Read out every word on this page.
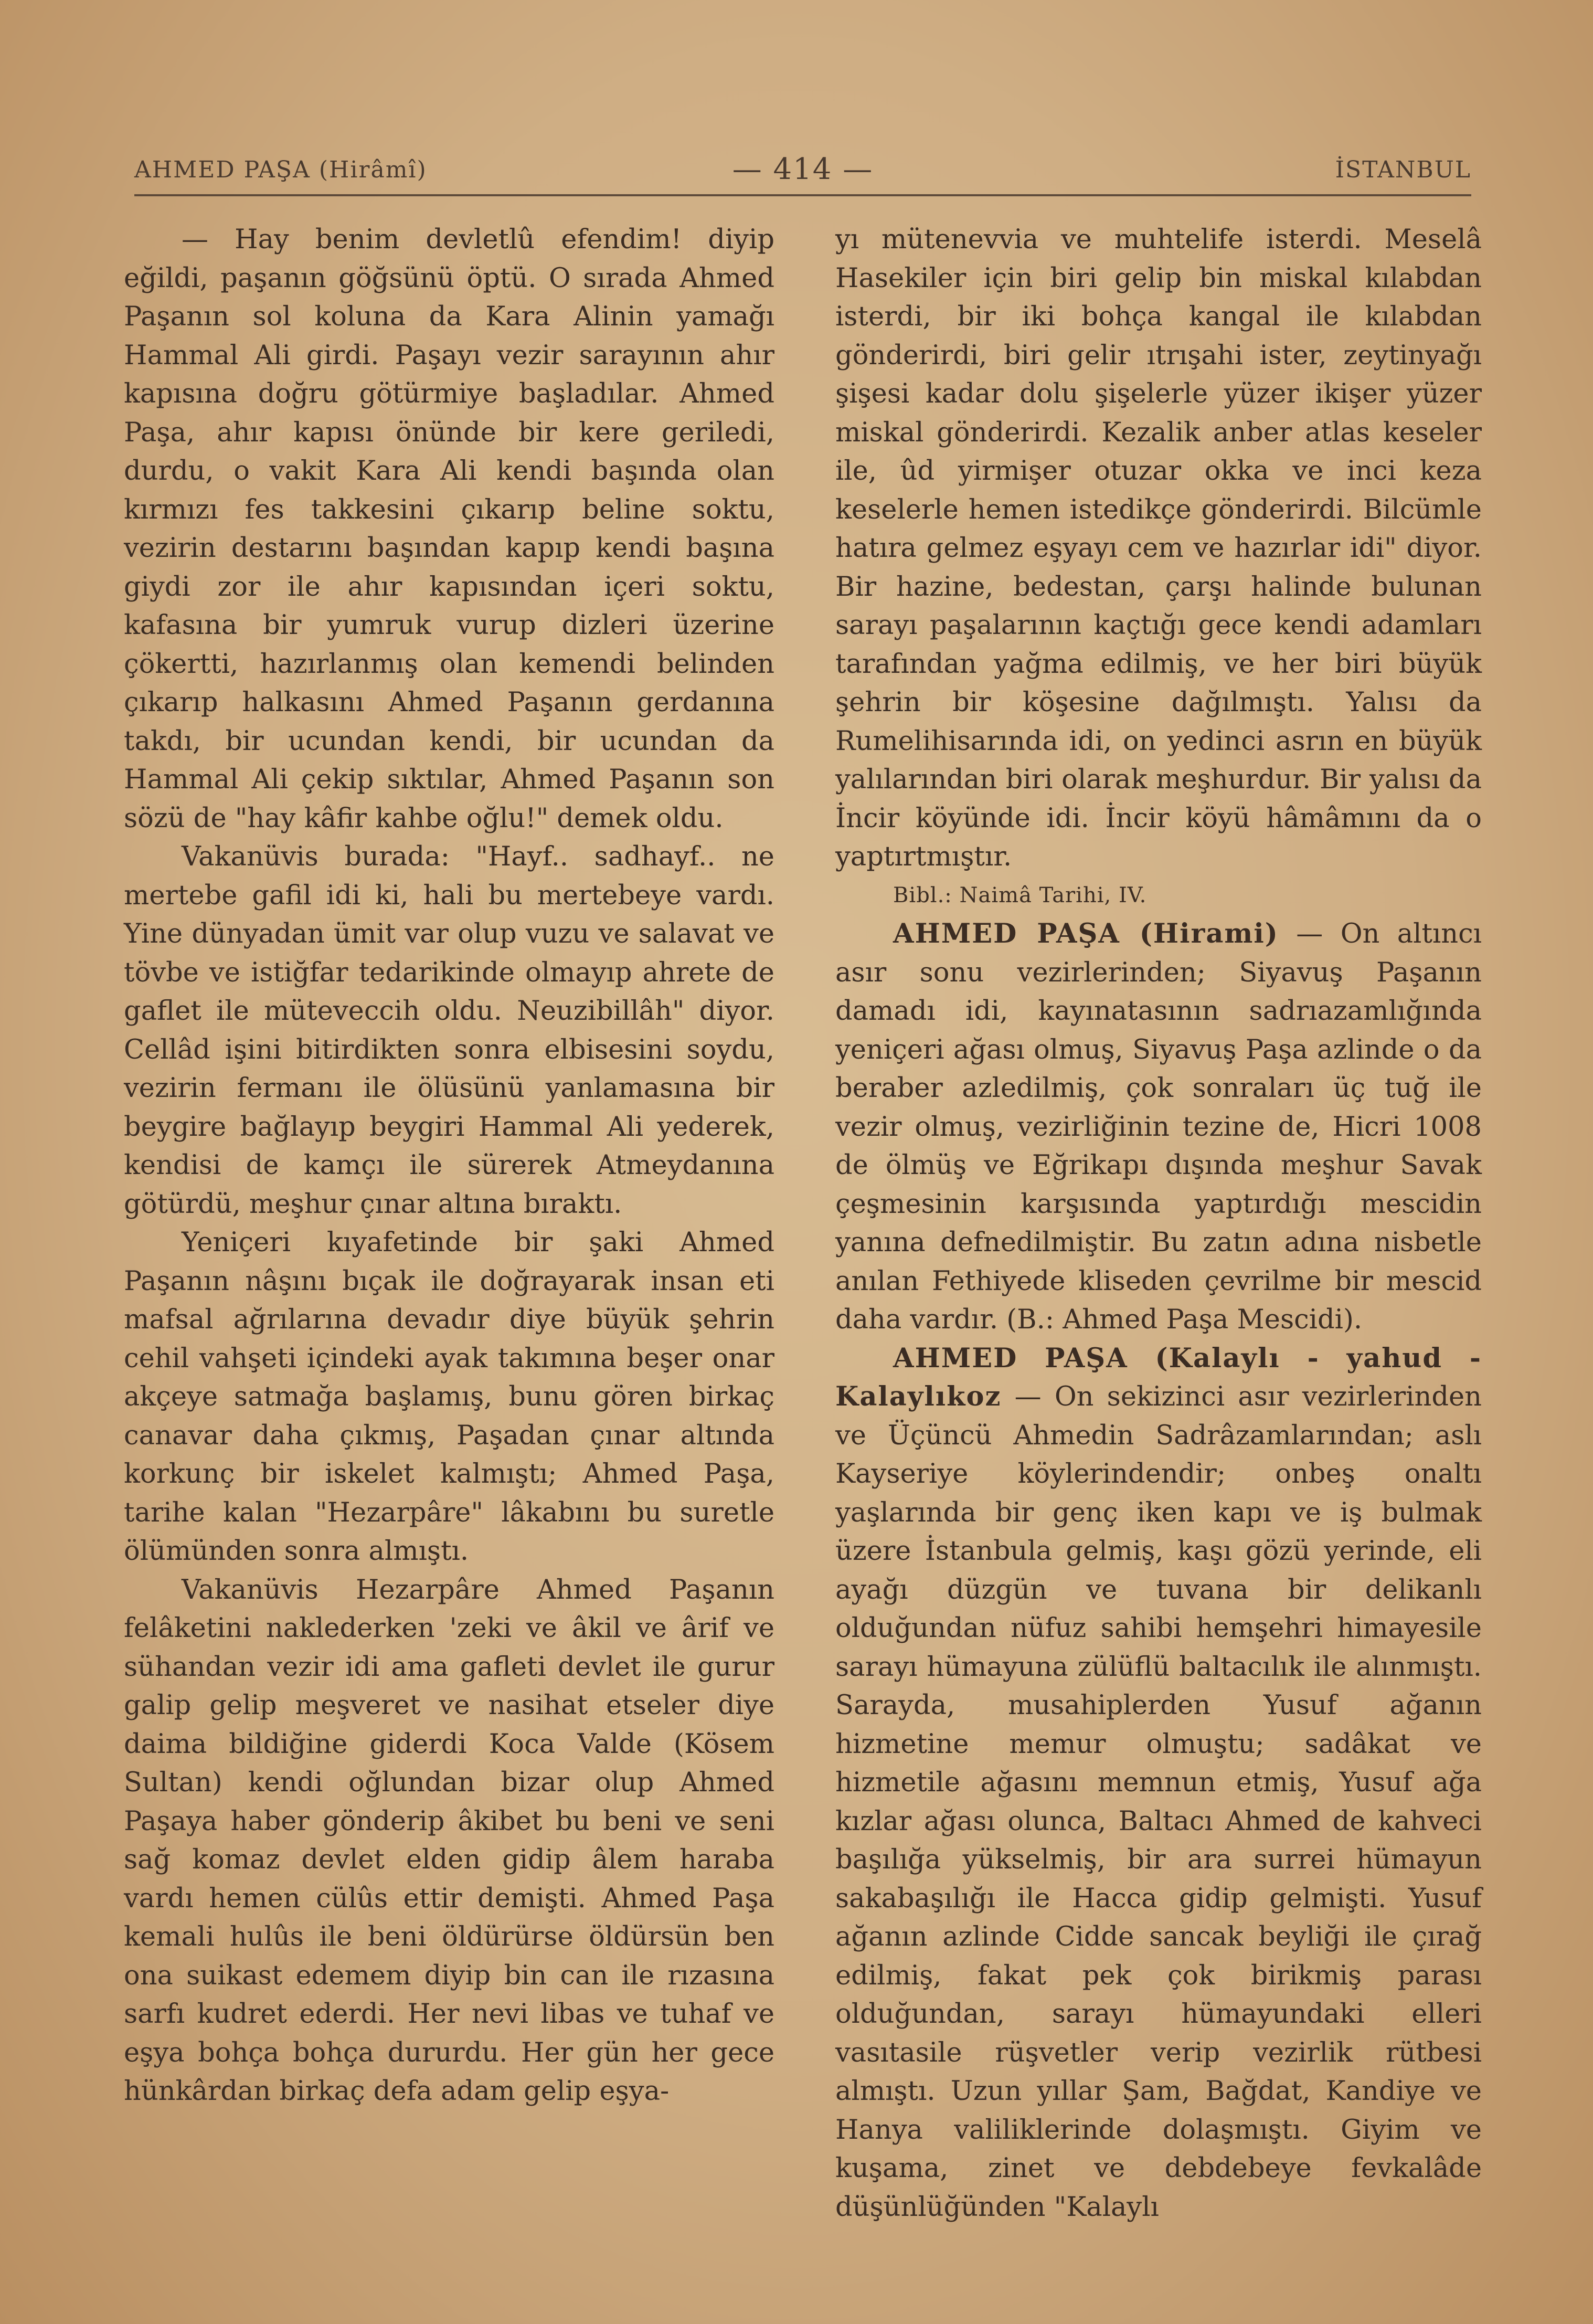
AHMED PAŞA (Hirâmî)	— 414 —	İSTANBUL

— Hay benim devletlû efendim! diyip eğildi, paşanın göğsünü öptü. O sırada Ahmed Paşanın sol koluna da Kara Alinin yamağı Hammal Ali girdi. Paşayı vezir sarayının ahır kapısına doğru götürmiye başladılar. Ahmed Paşa, ahır kapısı önünde bir kere geriledi, durdu, o vakit Kara Ali kendi başında olan kırmızı fes takkesini çıkarıp beline soktu, vezirin destarını başından kapıp kendi başına giydi zor ile ahır kapısından içeri soktu, kafasına bir yumruk vurup dizleri üzerine çökertti, hazırlanmış olan kemendi belinden çıkarıp halkasını Ahmed Paşanın gerdanına takdı, bir ucundan kendi, bir ucundan da Hammal Ali çekip sıktılar, Ahmed Paşanın son sözü de "hay kâfir kahbe oğlu!" demek oldu.

Vakanüvis burada: "Hayf.. sadhayf.. ne mertebe gafil idi ki, hali bu mertebeye vardı. Yine dünyadan ümit var olup vuzu ve salavat ve tövbe ve istiğfar tedarikinde olmayıp ahrete de gaflet ile müteveccih oldu. Neuzibillâh" diyor. Cellâd işini bitirdikten sonra elbisesini soydu, vezirin fermanı ile ölüsünü yanlamasına bir beygire bağlayıp beygiri Hammal Ali yederek, kendisi de kamçı ile sürerek Atmeydanına götürdü, meşhur çınar altına bıraktı.

Yeniçeri kıyafetinde bir şaki Ahmed Paşanın nâşını bıçak ile doğrayarak insan eti mafsal ağrılarına devadır diye büyük şehrin cehil vahşeti içindeki ayak takımına beşer onar akçeye satmağa başlamış, bunu gören birkaç canavar daha çıkmış, Paşadan çınar altında korkunç bir iskelet kalmıştı; Ahmed Paşa, tarihe kalan "Hezarpâre" lâkabını bu suretle ölümünden sonra almıştı.

Vakanüvis Hezarpâre Ahmed Paşanın felâketini naklederken 'zeki ve âkil ve ârif ve sühandan vezir idi ama gafleti devlet ile gurur galip gelip meşveret ve nasihat etseler diye daima bildiğine giderdi Koca Valde (Kösem Sultan) kendi oğlundan bizar olup Ahmed Paşaya haber gönderip âkibet bu beni ve seni sağ komaz devlet elden gidip âlem haraba vardı hemen cülûs ettir demişti. Ahmed Paşa kemali hulûs ile beni öldürürse öldürsün ben ona suikast edemem diyip bin can ile rızasına sarfı kudret ederdi. Her nevi libas ve tuhaf ve eşya bohça bohça dururdu. Her gün her gece hünkârdan birkaç defa adam gelip eşya-

yı mütenevvia ve muhtelife isterdi. Meselâ Hasekiler için biri gelip bin miskal kılabdan isterdi, bir iki bohça kangal ile kılabdan gönderirdi, biri gelir ıtrışahi ister, zeytinyağı şişesi kadar dolu şişelerle yüzer ikişer yüzer miskal gönderirdi. Kezalik anber atlas keseler ile, ûd yirmişer otuzar okka ve inci keza keselerle hemen istedikçe gönderirdi. Bilcümle hatıra gelmez eşyayı cem ve hazırlar idi" diyor. Bir hazine, bedestan, çarşı halinde bulunan sarayı paşalarının kaçtığı gece kendi adamları tarafından yağma edilmiş, ve her biri büyük şehrin bir köşesine dağılmıştı. Yalısı da Rumelihisarında idi, on yedinci asrın en büyük yalılarından biri olarak meşhurdur. Bir yalısı da İncir köyünde idi. İncir köyü hâmâmını da o yaptırtmıştır.

Bibl.: Naimâ Tarihi, IV.

AHMED PAŞA (Hirami) — On altıncı asır sonu vezirlerinden; Siyavuş Paşanın damadı idi, kayınatasının sadrıazamlığında yeniçeri ağası olmuş, Siyavuş Paşa azlinde o da beraber azledilmiş, çok sonraları üç tuğ ile vezir olmuş, vezirliğinin tezine de, Hicri 1008 de ölmüş ve Eğrikapı dışında meşhur Savak çeşmesinin karşısında yaptırdığı mescidin yanına defnedilmiştir. Bu zatın adına nisbetle anılan Fethiyede kliseden çevrilme bir mescid daha vardır. (B.: Ahmed Paşa Mescidi).

AHMED PAŞA (Kalaylı - yahud - Kalaylıkoz — On sekizinci asır vezirlerinden ve Üçüncü Ahmedin Sadrâzamlarından; aslı Kayseriye köylerindendir; onbeş onaltı yaşlarında bir genç iken kapı ve iş bulmak üzere İstanbula gelmiş, kaşı gözü yerinde, eli ayağı düzgün ve tuvana bir delikanlı olduğundan nüfuz sahibi hemşehri himayesile sarayı hümayuna zülüflü baltacılık ile alınmıştı. Sarayda, musahiplerden Yusuf ağanın hizmetine memur olmuştu; sadâkat ve hizmetile ağasını memnun etmiş, Yusuf ağa kızlar ağası olunca, Baltacı Ahmed de kahveci başılığa yükselmiş, bir ara surrei hümayun sakabaşılığı ile Hacca gidip gelmişti. Yusuf ağanın azlinde Cidde sancak beyliği ile çırağ edilmiş, fakat pek çok birikmiş parası olduğundan, sarayı hümayundaki elleri vasıtasile rüşvetler verip vezirlik rütbesi almıştı. Uzun yıllar Şam, Bağdat, Kandiye ve Hanya valiliklerinde dolaşmıştı. Giyim ve kuşama, zinet ve debdebeye fevkalâde düşünlüğünden "Kalaylı
